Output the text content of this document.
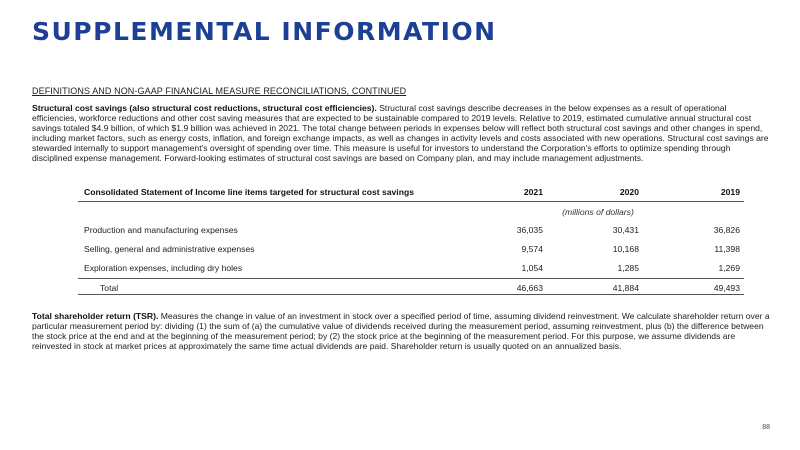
SUPPLEMENTAL INFORMATION
DEFINITIONS AND NON-GAAP FINANCIAL MEASURE RECONCILIATIONS, CONTINUED
Structural cost savings (also structural cost reductions, structural cost efficiencies). Structural cost savings describe decreases in the below expenses as a result of operational efficiencies, workforce reductions and other cost saving measures that are expected to be sustainable compared to 2019 levels. Relative to 2019, estimated cumulative annual structural cost savings totaled $4.9 billion, of which $1.9 billion was achieved in 2021. The total change between periods in expenses below will reflect both structural cost savings and other changes in spend, including market factors, such as energy costs, inflation, and foreign exchange impacts, as well as changes in activity levels and costs associated with new operations. Structural cost savings are stewarded internally to support management's oversight of spending over time. This measure is useful for investors to understand the Corporation's efforts to optimize spending through disciplined expense management. Forward-looking estimates of structural cost savings are based on Company plan, and may include management adjustments.
Consolidated Statement of Income line items targeted for structural cost savings	2021	2020	2019
(millions of dollars)
Production and manufacturing expenses	36,035	30,431	36,826
Selling, general and administrative expenses	9,574	10,168	11,398
Exploration expenses, including dry holes	1,054	1,285	1,269
Total	46,663	41,884	49,493
Total shareholder return (TSR). Measures the change in value of an investment in stock over a specified period of time, assuming dividend reinvestment. We calculate shareholder return over a particular measurement period by: dividing (1) the sum of (a) the cumulative value of dividends received during the measurement period, assuming reinvestment, plus (b) the difference between the stock price at the end and at the beginning of the measurement period; by (2) the stock price at the beginning of the measurement period. For this purpose, we assume dividends are reinvested in stock at market prices at approximately the same time actual dividends are paid. Shareholder return is usually quoted on an annualized basis.
88
